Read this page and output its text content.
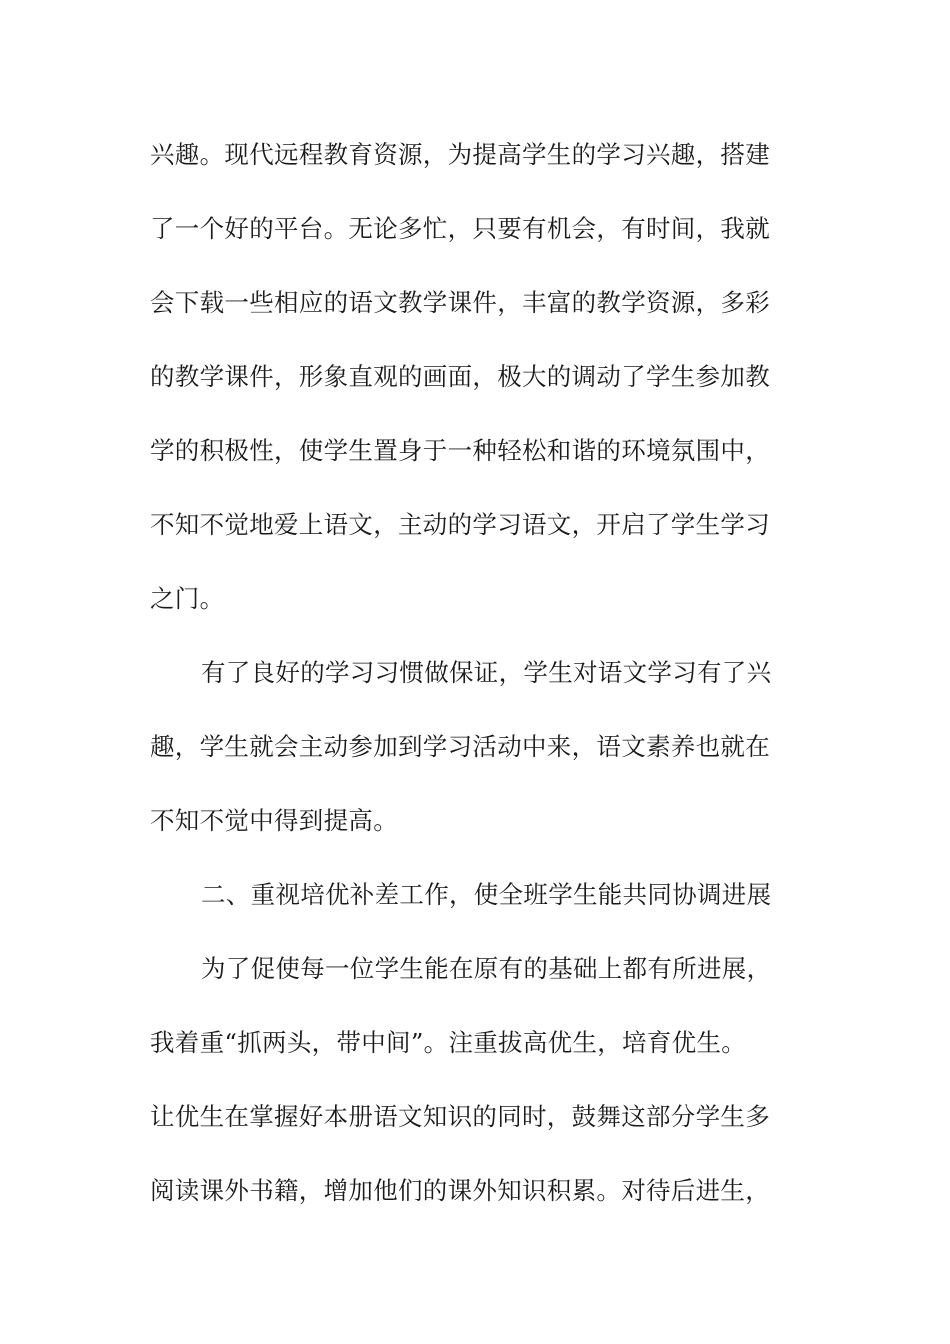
兴趣。现代远程教育资源，为提高学生的学习兴趣，搭建
了一个好的平台。无论多忙，只要有机会，有时间，我就
会下载一些相应的语文教学课件，丰富的教学资源，多彩
的教学课件，形象直观的画面，极大的调动了学生参加教
学的积极性，使学生置身于一种轻松和谐的环境氛围中，
不知不觉地爱上语文，主动的学习语文，开启了学生学习
之门。
有了良好的学习习惯做保证，学生对语文学习有了兴
趣，学生就会主动参加到学习活动中来，语文素养也就在
不知不觉中得到提高。
二、重视培优补差工作，使全班学生能共同协调进展
为了促使每一位学生能在原有的基础上都有所进展，
我着重“抓两头，带中间”。注重拔高优生，培育优生。
让优生在掌握好本册语文知识的同时，鼓舞这部分学生多
阅读课外书籍，增加他们的课外知识积累。对待后进生，
